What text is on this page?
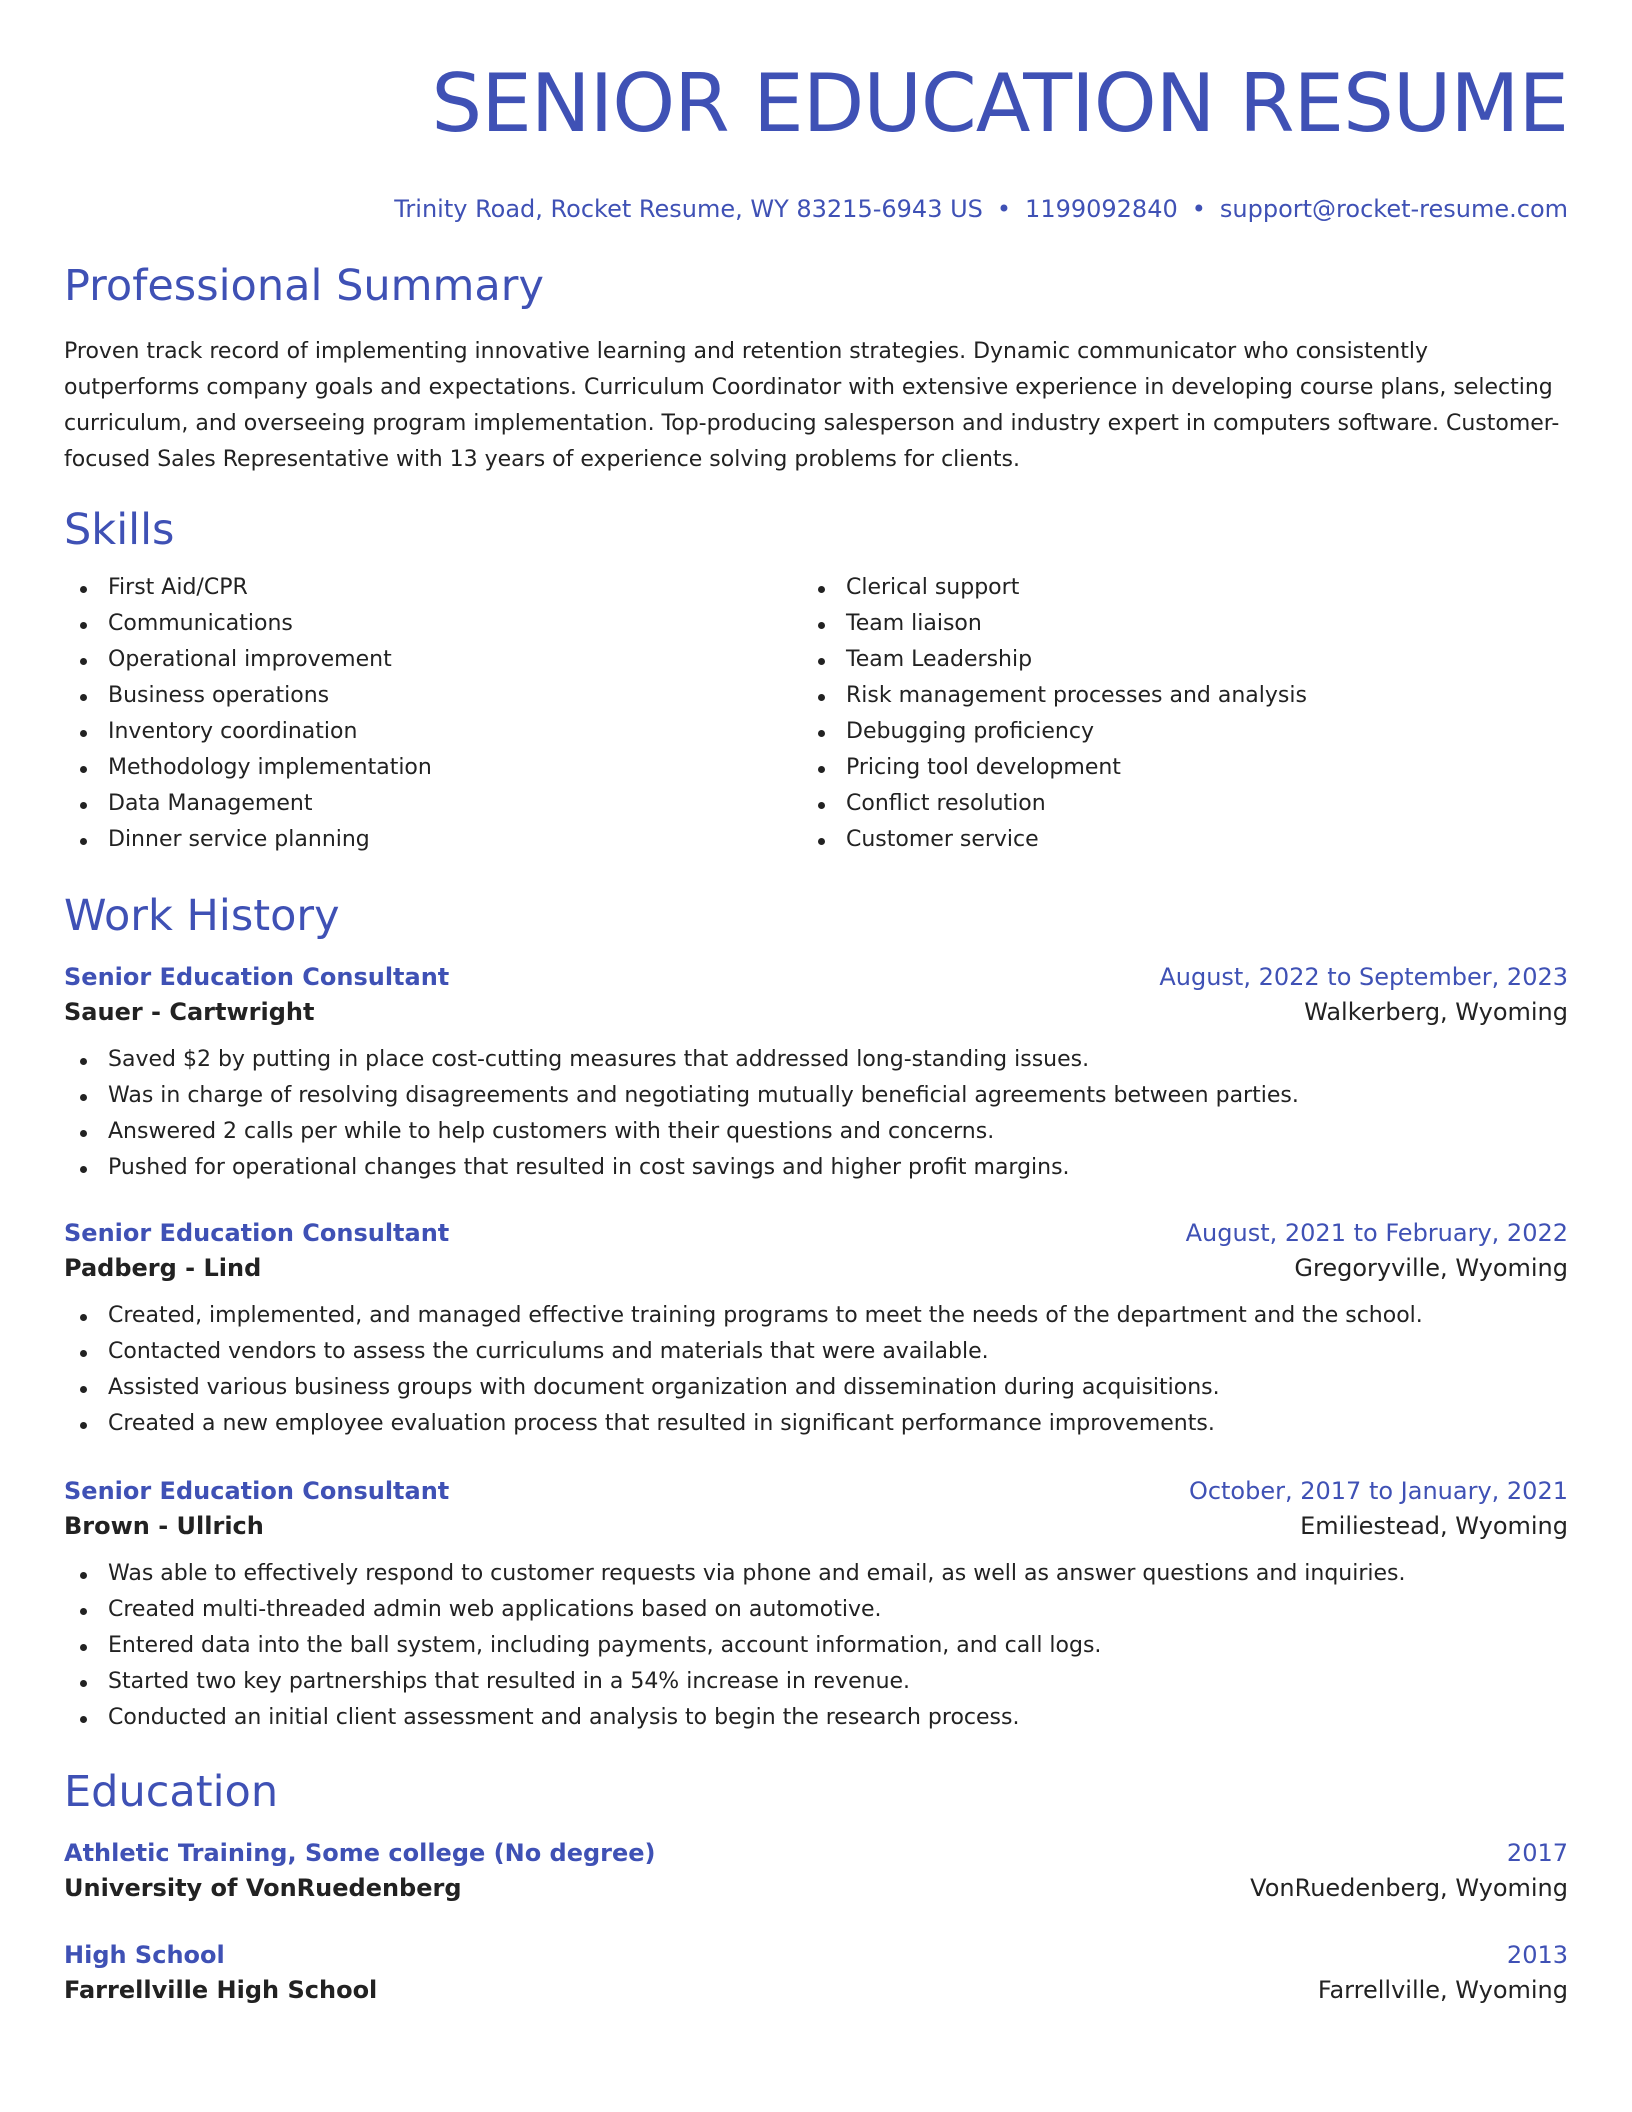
SENIOR EDUCATION RESUME
Trinity Road, Rocket Resume, WY 83215-6943 US • 1199092840 • support@rocket-resume.com
Professional Summary

Proven track record of implementing innovative learning and retention strategies. Dynamic communicator who consistently outperforms company goals and expectations. Curriculum Coordinator with extensive experience in developing course plans, selecting curriculum, and overseeing program implementation. Top-producing salesperson and industry expert in computers software. Customer-focused Sales Representative with 13 years of experience solving problems for clients.

Skills
First Aid/CPR
Communications
Operational improvement
Business operations
Inventory coordination
Methodology implementation
Data Management
Dinner service planning
Clerical support
Team liaison
Team Leadership
Risk management processes and analysis
Debugging proficiency
Pricing tool development
Conflict resolution
Customer service
Work History
Senior Education Consultant	August, 2022 to September, 2023
Sauer - Cartwright	Walkerberg, Wyoming
Saved $2 by putting in place cost-cutting measures that addressed long-standing issues.
Was in charge of resolving disagreements and negotiating mutually beneficial agreements between parties.
Answered 2 calls per while to help customers with their questions and concerns.
Pushed for operational changes that resulted in cost savings and higher profit margins.
Senior Education Consultant	August, 2021 to February, 2022
Padberg - Lind	Gregoryville, Wyoming
Created, implemented, and managed effective training programs to meet the needs of the department and the school.
Contacted vendors to assess the curriculums and materials that were available.
Assisted various business groups with document organization and dissemination during acquisitions.
Created a new employee evaluation process that resulted in significant performance improvements.
Senior Education Consultant	October, 2017 to January, 2021
Brown - Ullrich	Emiliestead, Wyoming
Was able to effectively respond to customer requests via phone and email, as well as answer questions and inquiries.
Created multi-threaded admin web applications based on automotive.
Entered data into the ball system, including payments, account information, and call logs.
Started two key partnerships that resulted in a 54% increase in revenue.
Conducted an initial client assessment and analysis to begin the research process.
Education
Athletic Training, Some college (No degree)	2017
University of VonRuedenberg	VonRuedenberg, Wyoming
High School	2013
Farrellville High School	Farrellville, Wyoming
